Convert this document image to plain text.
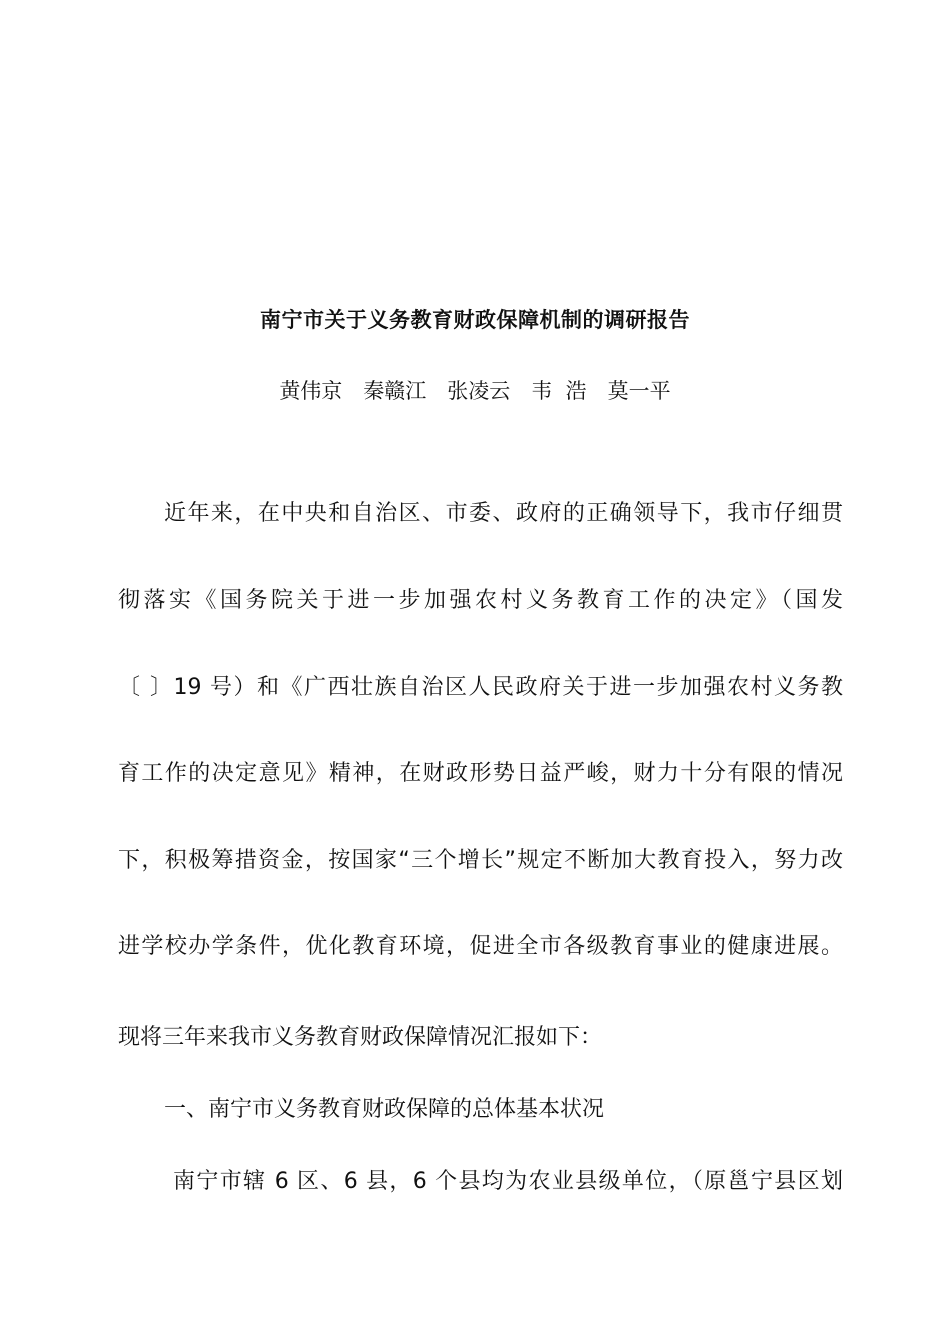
南宁市关于义务教育财政保障机制的调研报告
黄伟京　秦赣江　张凌云　韦  浩　莫一平
近年来，在中央和自治区、市委、政府的正确领导下，我市仔细贯
彻落实《国务院关于进一步加强农村义务教育工作的决定》（国发
〔 〕19 号）和《广西壮族自治区人民政府关于进一步加强农村义务教
育工作的决定意见》精神，在财政形势日益严峻，财力十分有限的情况
下，积极筹措资金，按国家“三个增长”规定不断加大教育投入，努力改
进学校办学条件，优化教育环境，促进全市各级教育事业的健康进展。
现将三年来我市义务教育财政保障情况汇报如下：
一、南宁市义务教育财政保障的总体基本状况
南宁市辖 6 区、6 县，6 个县均为农业县级单位，（原邕宁县区划
